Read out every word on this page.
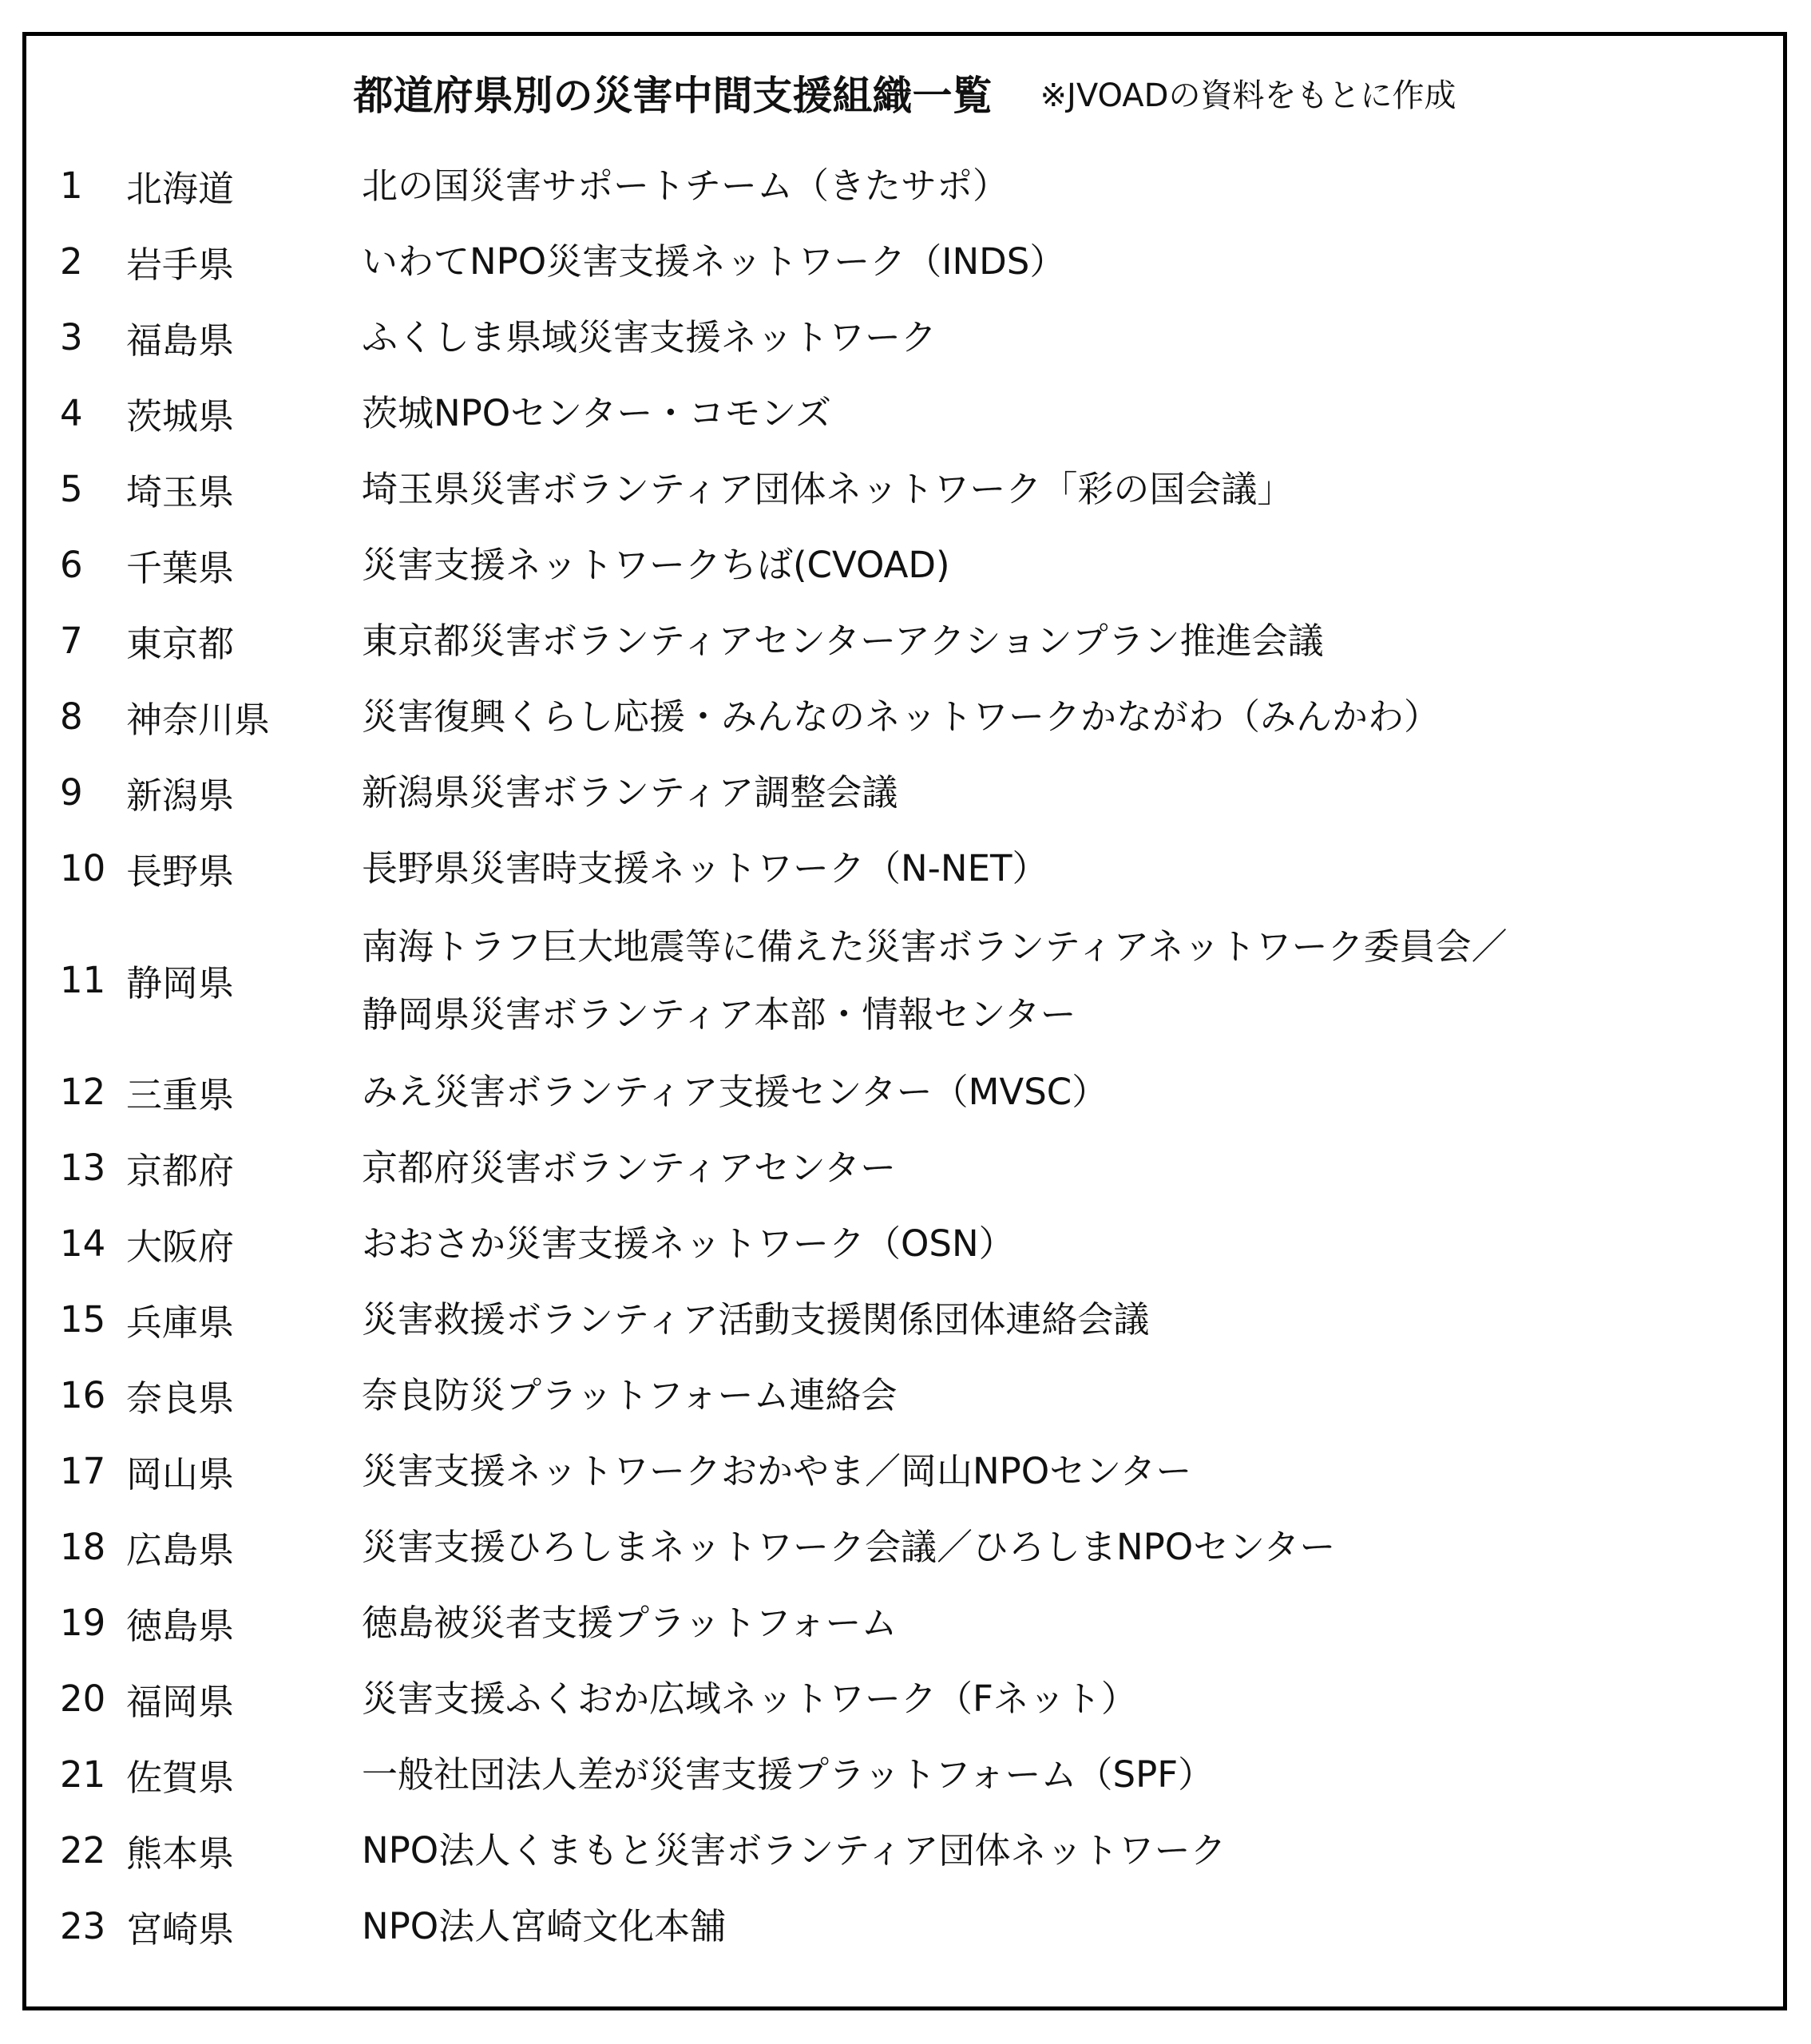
都道府県別の災害中間支援組織一覧 ※JVOADの資料をもとに作成
1 北海道	北の国災害サポートチーム（きたサポ）
2 岩手県	いわてNPO災害支援ネットワーク（INDS）
3 福島県	ふくしま県域災害支援ネットワーク
4 茨城県	茨城NPOセンター・コモンズ
5 埼玉県	埼玉県災害ボランティア団体ネットワーク「彩の国会議」
6 千葉県	災害支援ネットワークちば(CVOAD)
7 東京都	東京都災害ボランティアセンターアクションプラン推進会議
8 神奈川県	災害復興くらし応援・みんなのネットワークかながわ（みんかわ）
9 新潟県	新潟県災害ボランティア調整会議
10 長野県	長野県災害時支援ネットワーク（N-NET）
11 静岡県
南海トラフ巨大地震等に備えた災害ボランティアネットワーク委員会／
静岡県災害ボランティア本部・情報センター
12 三重県	みえ災害ボランティア支援センター（MVSC）
13 京都府	京都府災害ボランティアセンター
14 大阪府	おおさか災害支援ネットワーク（OSN）
15 兵庫県	災害救援ボランティア活動支援関係団体連絡会議
16 奈良県	奈良防災プラットフォーム連絡会
17 岡山県	災害支援ネットワークおかやま／岡山NPOセンター
18 広島県	災害支援ひろしまネットワーク会議／ひろしまNPOセンター
19 徳島県	徳島被災者支援プラットフォーム
20 福岡県	災害支援ふくおか広域ネットワーク（Fネット）
21 佐賀県	一般社団法人差が災害支援プラットフォーム（SPF）
22 熊本県	NPO法人くまもと災害ボランティア団体ネットワーク
23 宮崎県	NPO法人宮崎文化本舗
